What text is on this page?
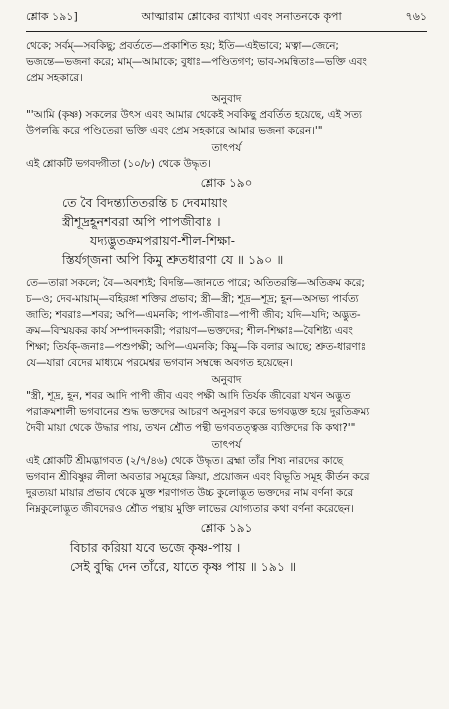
শ্লোক ১৯১]	আত্মারাম শ্লোকের ব্যাখ্যা এবং সনাতনকে কৃপা	৭৬১

থেকে; সর্বম্—সবকিছু; প্রবর্ততে—প্রকাশিত হয়; ইতি—এইভাবে; মত্বা—জেনে;

ভজন্তে—ভজনা করে; মাম্—আমাকে; বুধাঃ—পণ্ডিতগণ; ভাব-সমন্বিতাঃ—ভক্তি এবং

প্রেম সহকারে।

অনুবাদ

"'আমি (কৃষ্ণ) সকলের উৎস এবং আমার থেকেই সবকিছু প্রবর্তিত হয়েছে, এই সত্য

উপলব্ধি করে পণ্ডিতেরা ভক্তি এবং প্রেম সহকারে আমার ভজনা করেন।'"

তাৎপর্য

এই শ্লোকটি ভগবদ্গীতা (১০/৮) থেকে উদ্ধৃত।

শ্লোক ১৯০

তে বৈ বিদন্ত্যতিতরন্তি চ দেবমায়াং

স্ত্রীশূদ্রহূনশবরা অপি পাপজীবাঃ ।

যদ্যদ্ভুতক্রমপরায়ণ-শীল-শিক্ষা-

স্তির্যগ্জনা অপি কিমু শ্রুতধারণা যে ॥ ১৯০ ॥

তে—তারা সকলে; বৈ—অবশ্যই; বিদন্তি—জানতে পারে; অতিতরন্তি—অতিক্রম করে;

চ—ও; দেব-মায়াম্—বহিরঙ্গা শক্তির প্রভাব; স্ত্রী—স্ত্রী; শূদ্র—শূদ্র; হূন—অসভ্য পার্বত্য

জাতি; শবরাঃ—শবর; অপি—এমনকি; পাপ-জীবাঃ—পাপী জীব; যদি—যদি; অদ্ভুত-

ক্রম—বিস্ময়কর কার্য সম্পাদনকারী; পরায়ণ—ভক্তদের; শীল-শিক্ষাঃ—বৈশিষ্ট্য এবং

শিক্ষা; তির্যক্-জনাঃ—পশুপক্ষী; অপি—এমনকি; কিমু—কি বলার আছে; শ্রুত-ধারণাঃ

যে—যারা বেদের মাধ্যমে পরমেশ্বর ভগবান সম্বন্ধে অবগত হয়েছেন।

অনুবাদ

"স্ত্রী, শূদ্র, হূন, শবর আদি পাপী জীব এবং পক্ষী আদি তির্যক জীবেরা যখন অদ্ভুত

পরাক্রমশালী ভগবানের শুদ্ধ ভক্তদের আচরণ অনুসরণ করে ভগবদ্ভক্ত হয়ে দুরতিক্রম্য

দৈবী মায়া থেকে উদ্ধার পায়, তখন শ্রৌত পন্থী ভগবতত্ত্বজ্ঞ ব্যক্তিদের কি কথা?'"

তাৎপর্য

এই শ্লোকটি শ্রীমদ্ভাগবত (২/৭/৪৬) থেকে উদ্ধৃত। ব্রহ্মা তাঁর শিষ্য নারদের কাছে

ভগবান শ্রীবিষ্ণুর লীলা অবতার সমূহের ক্রিয়া, প্রয়োজন এবং বিভূতি সমূহ কীর্তন করে

দুরত্যয়া মায়ার প্রভাব থেকে মুক্ত শরণাগত উচ্চ কুলোদ্ভূত ভক্তদের নাম বর্ণনা করে

নিম্নকুলোদ্ভূত জীবদেরও শ্রৌত পন্থায় মুক্তি লাভের যোগ্যতার কথা বর্ণনা করেছেন।

শ্লোক ১৯১

বিচার করিয়া যবে ভজে কৃষ্ণ-পায় ।

সেই বুদ্ধি দেন তাঁরে, যাতে কৃষ্ণ পায় ॥ ১৯১ ॥
